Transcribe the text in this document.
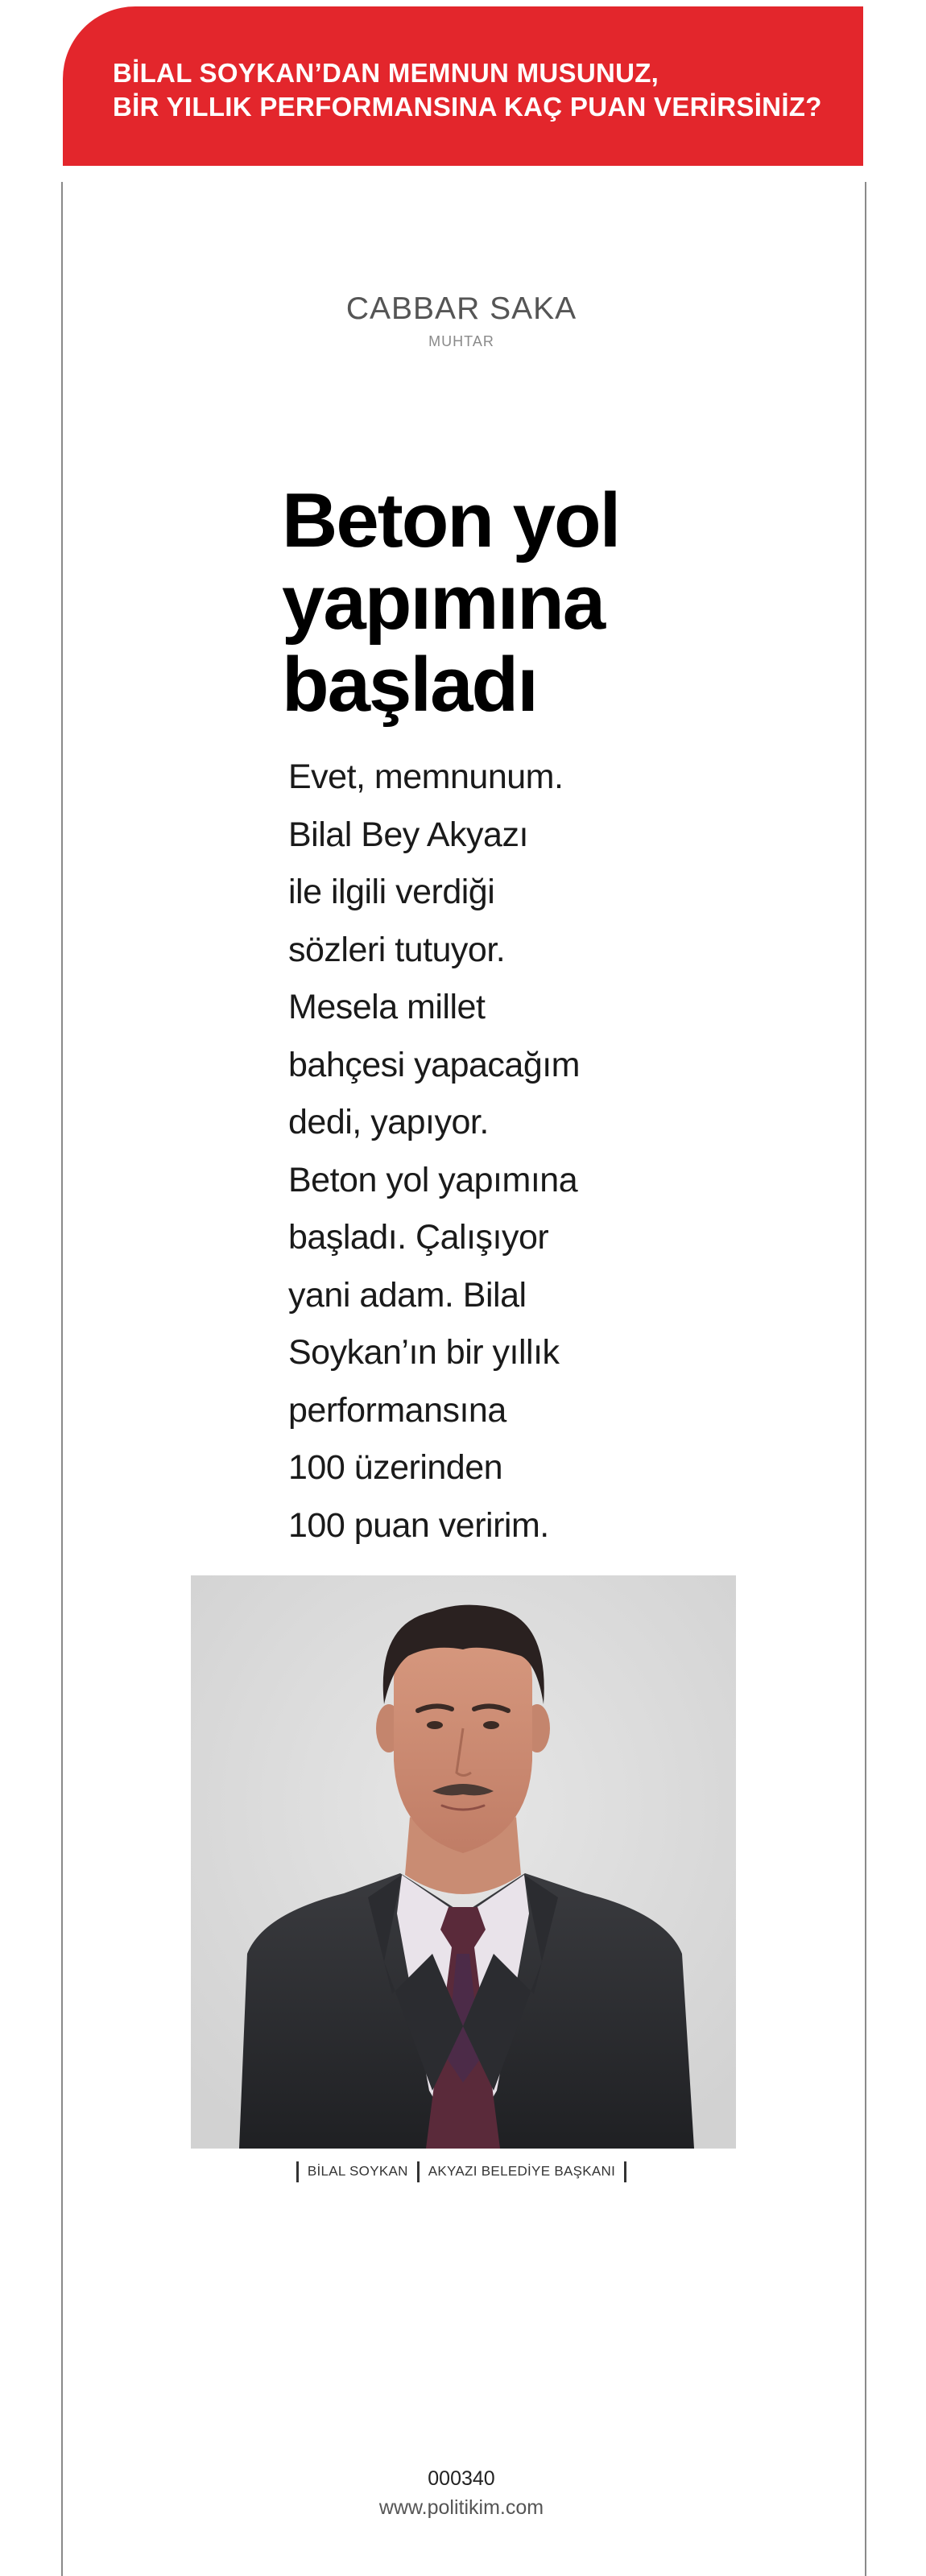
BİLAL SOYKAN’DAN MEMNUN MUSUNUZ,
BİR YILLIK PERFORMANSINA KAÇ PUAN VERİRSİNİZ?
CABBAR SAKA
MUHTAR
Beton yol
yapımına
başladı
Evet, memnunum.
Bilal Bey Akyazı
ile ilgili verdiği
sözleri tutuyor.
Mesela millet
bahçesi yapacağım
dedi, yapıyor.
Beton yol yapımına
başladı. Çalışıyor
yani adam. Bilal
Soykan’ın bir yıllık
performansına
100 üzerinden
100 puan veririm.
BİLAL SOYKAN AKYAZI BELEDİYE BAŞKANI
000340
www.politikim.com
